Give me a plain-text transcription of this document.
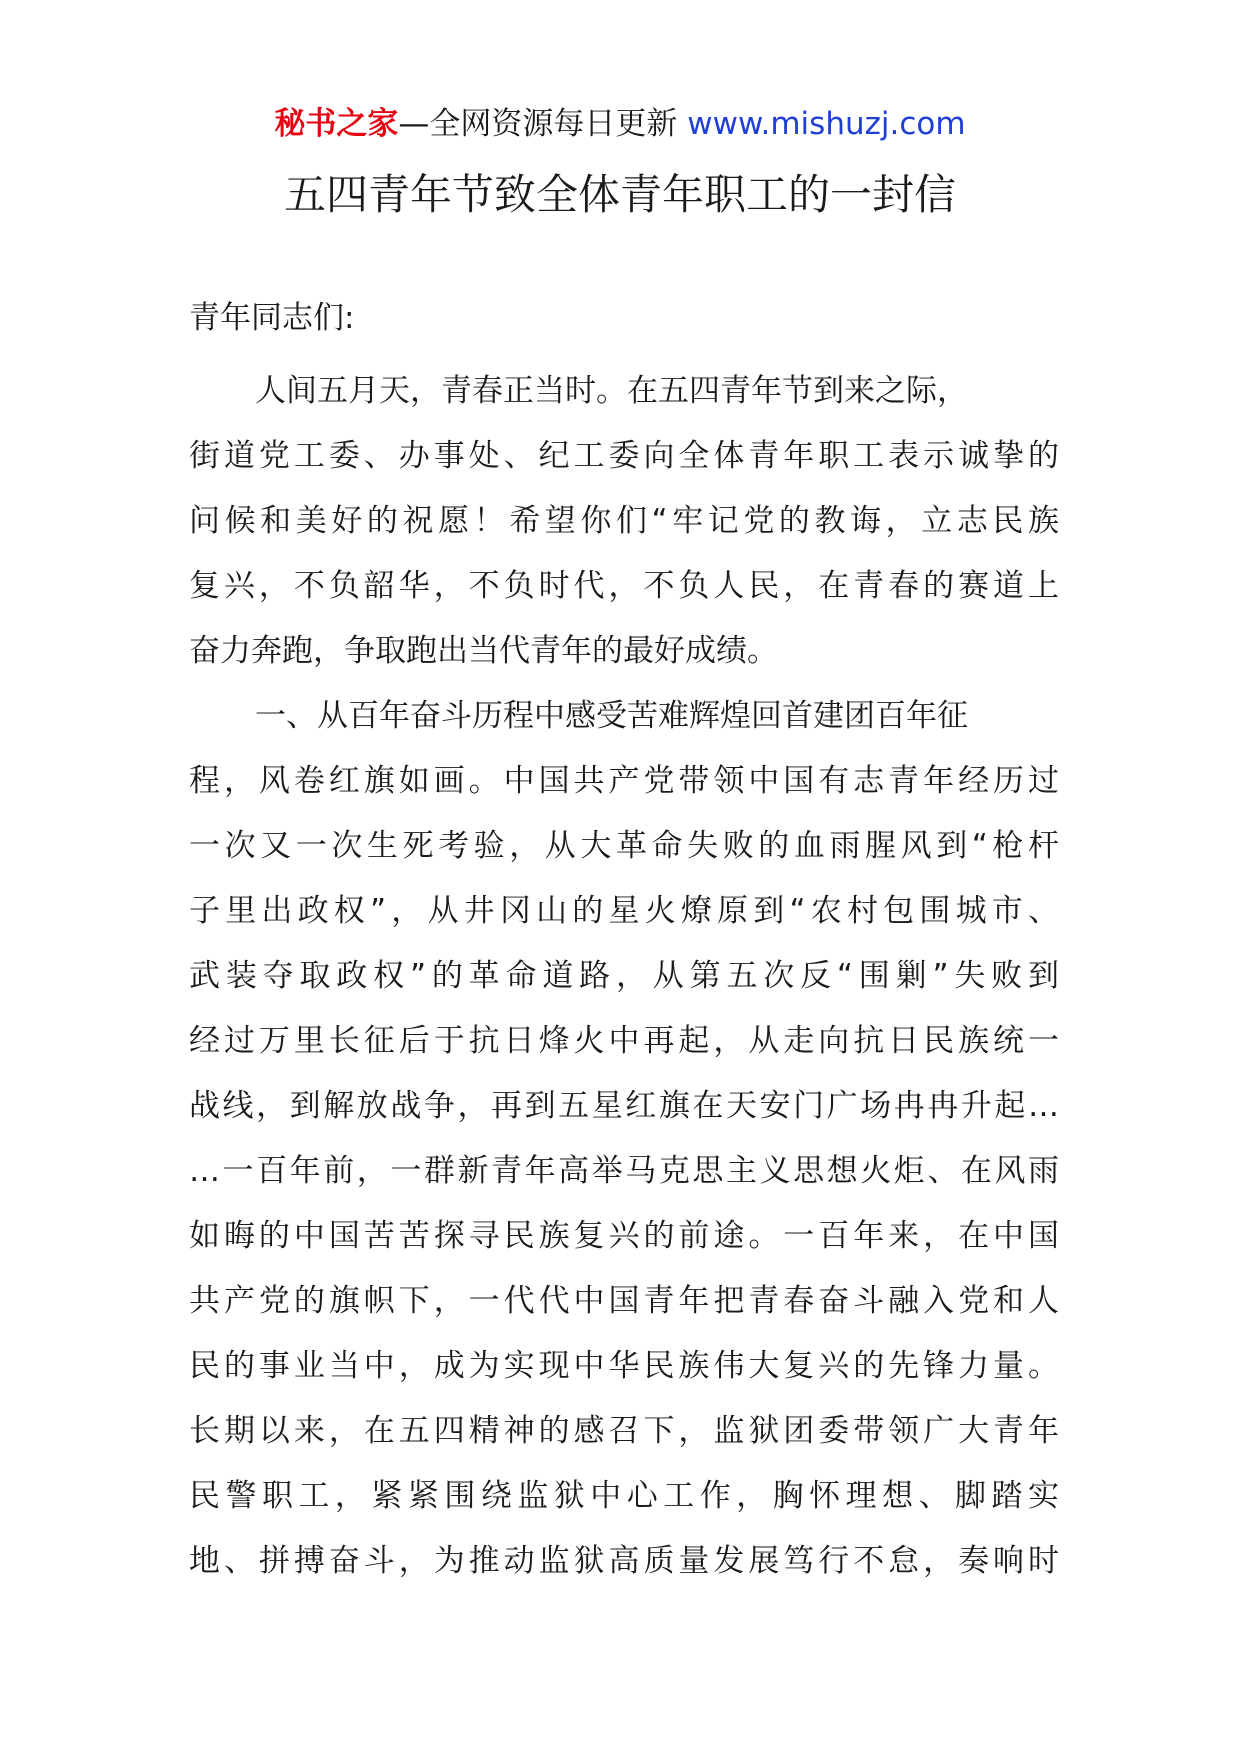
秘书之家—全网资源每日更新 www.mishuzj.com
五四青年节致全体青年职工的一封信
青年同志们:
人间五月天，青春正当时。在五四青年节到来之际，
街道党工委、办事处、纪工委向全体青年职工表示诚挚的
问候和美好的祝愿！希望你们“牢记党的教诲，立志民族
复兴，不负韶华，不负时代，不负人民，在青春的赛道上
奋力奔跑，争取跑出当代青年的最好成绩。
一、从百年奋斗历程中感受苦难辉煌回首建团百年征
程，风卷红旗如画。中国共产党带领中国有志青年经历过
一次又一次生死考验，从大革命失败的血雨腥风到“枪杆
子里出政权”，从井冈山的星火燎原到“农村包围城市、
武装夺取政权”的革命道路，从第五次反“围剿”失败到
经过万里长征后于抗日烽火中再起，从走向抗日民族统一
战线，到解放战争，再到五星红旗在天安门广场冉冉升起…
…一百年前，一群新青年高举马克思主义思想火炬、在风雨
如晦的中国苦苦探寻民族复兴的前途。一百年来，在中国
共产党的旗帜下，一代代中国青年把青春奋斗融入党和人
民的事业当中，成为实现中华民族伟大复兴的先锋力量。
长期以来，在五四精神的感召下，监狱团委带领广大青年
民警职工，紧紧围绕监狱中心工作，胸怀理想、脚踏实
地、拼搏奋斗，为推动监狱高质量发展笃行不怠，奏响时
